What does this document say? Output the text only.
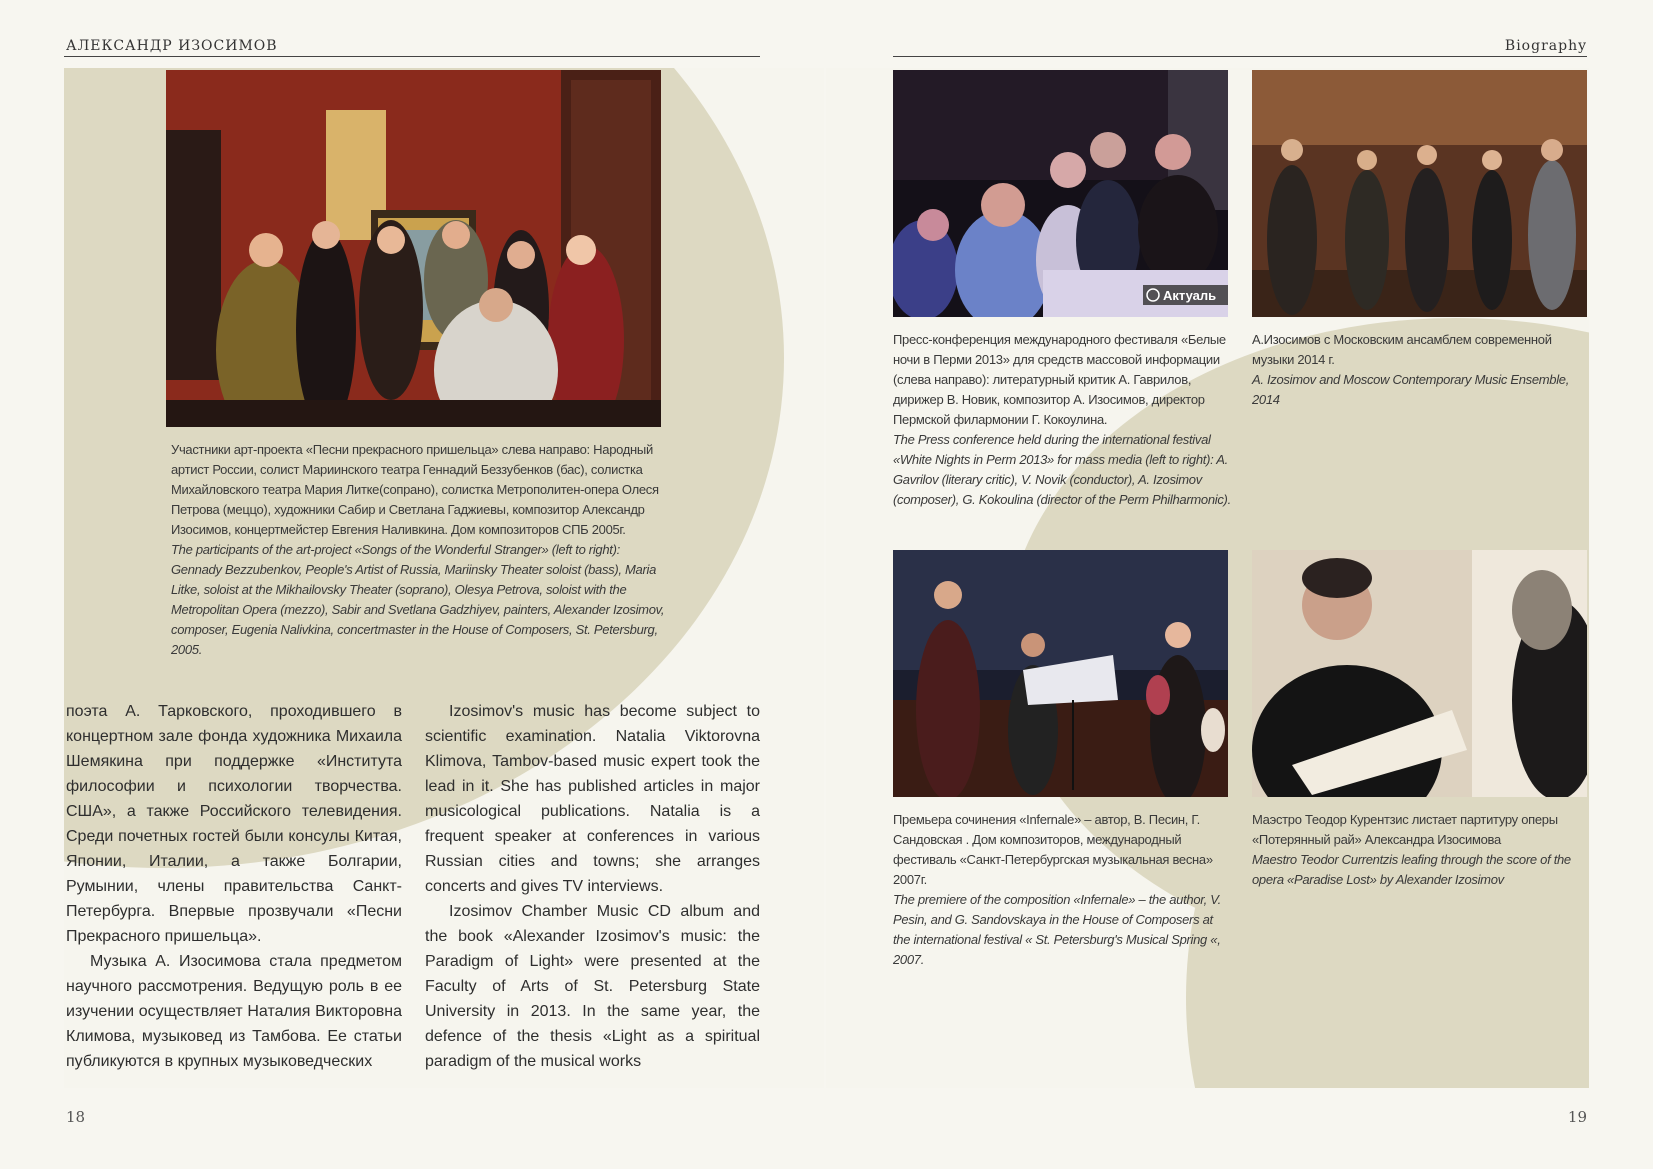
АЛЕКСАНДР ИЗОСИМОВ	Biography

Участники арт-проекта «Песни прекрасного пришельца» слева направо: Народный артист России, солист Мариинского театра Геннадий Беззубенков (бас), солистка Михайловского театра Мария Литке(сопрано), солистка Метрополитен-опера Олеся Петрова (меццо), художники Сабир и Светлана Гаджиевы, композитор Александр Изосимов, концертмейстер Евгения Наливкина. Дом композиторов СПБ 2005г.

The participants of the art-project «Songs of the Wonderful Stranger» (left to right): Gennady Bezzubenkov, People's Artist of Russia, Mariinsky Theater soloist (bass), Maria Litke, soloist at the Mikhailovsky Theater (soprano), Olesya Petrova, soloist with the Metropolitan Opera (mezzo), Sabir and Svetlana Gadzhiyev, painters, Alexander Izosimov, composer, Eugenia Nalivkina, concertmaster in the House of Composers, St. Petersburg, 2005.

поэта А. Тарковского, проходившего в концертном зале фонда художника Михаила Шемякина при поддержке «Института философии и психологии творчества. США», а также Российского телевидения. Среди почетных гостей были консулы Китая, Японии, Италии, а также Болгарии, Румынии, члены правительства Санкт-Петербурга. Впервые прозвучали «Песни Прекрасного пришельца».

Музыка А. Изосимова стала предметом научного рассмотрения. Ведущую роль в ее изучении осуществляет Наталия Викторовна Климова, музыковед из Тамбова. Ее статьи публикуются в крупных музыковедческих

Izosimov's music has become subject to scientific examination. Natalia Viktorovna Klimova, Tambov-based music expert took the lead in it. She has published articles in major musicological publications. Natalia is a frequent speaker at conferences in various Russian cities and towns; she arranges concerts and gives TV interviews.

Izosimov Chamber Music CD album and the book «Alexander Izosimov's music: the Paradigm of Light» were presented at the Faculty of Arts of St. Petersburg State University in 2013. In the same year, the defence of the thesis «Light as a spiritual paradigm of the musical works

Актуаль

Пресс-конференция международного фестиваля «Белые ночи в Перми 2013» для средств массовой информации (слева направо): литературный критик А. Гаврилов, дирижер В. Новик, композитор А. Изосимов, директор Пермской филармонии Г. Кокоулина.

The Press conference held during the international festival «White Nights in Perm 2013» for mass media (left to right): A. Gavrilov (literary critic), V. Novik (conductor), A. Izosimov (composer), G. Kokoulina (director of the Perm Philharmonic).

А.Изосимов с Московским ансамблем современной музыки 2014 г.

A. Izosimov and Moscow Contemporary Music Ensemble, 2014

Премьера сочинения «Infernale» – автор, В. Песин, Г. Сандовская . Дом композиторов, международный фестиваль «Санкт-Петербургская музыкальная весна» 2007г.

The premiere of the composition «Infernale» – the author, V. Pesin, and G. Sandovskaya in the House of Composers at the international festival « St. Petersburg's Musical Spring «, 2007.

Маэстро Теодор Курентзис листает партитуру оперы «Потерянный рай» Александра Изосимова

Maestro Teodor Currentzis leafing through the score of the opera «Paradise Lost» by Alexander Izosimov

18	19
